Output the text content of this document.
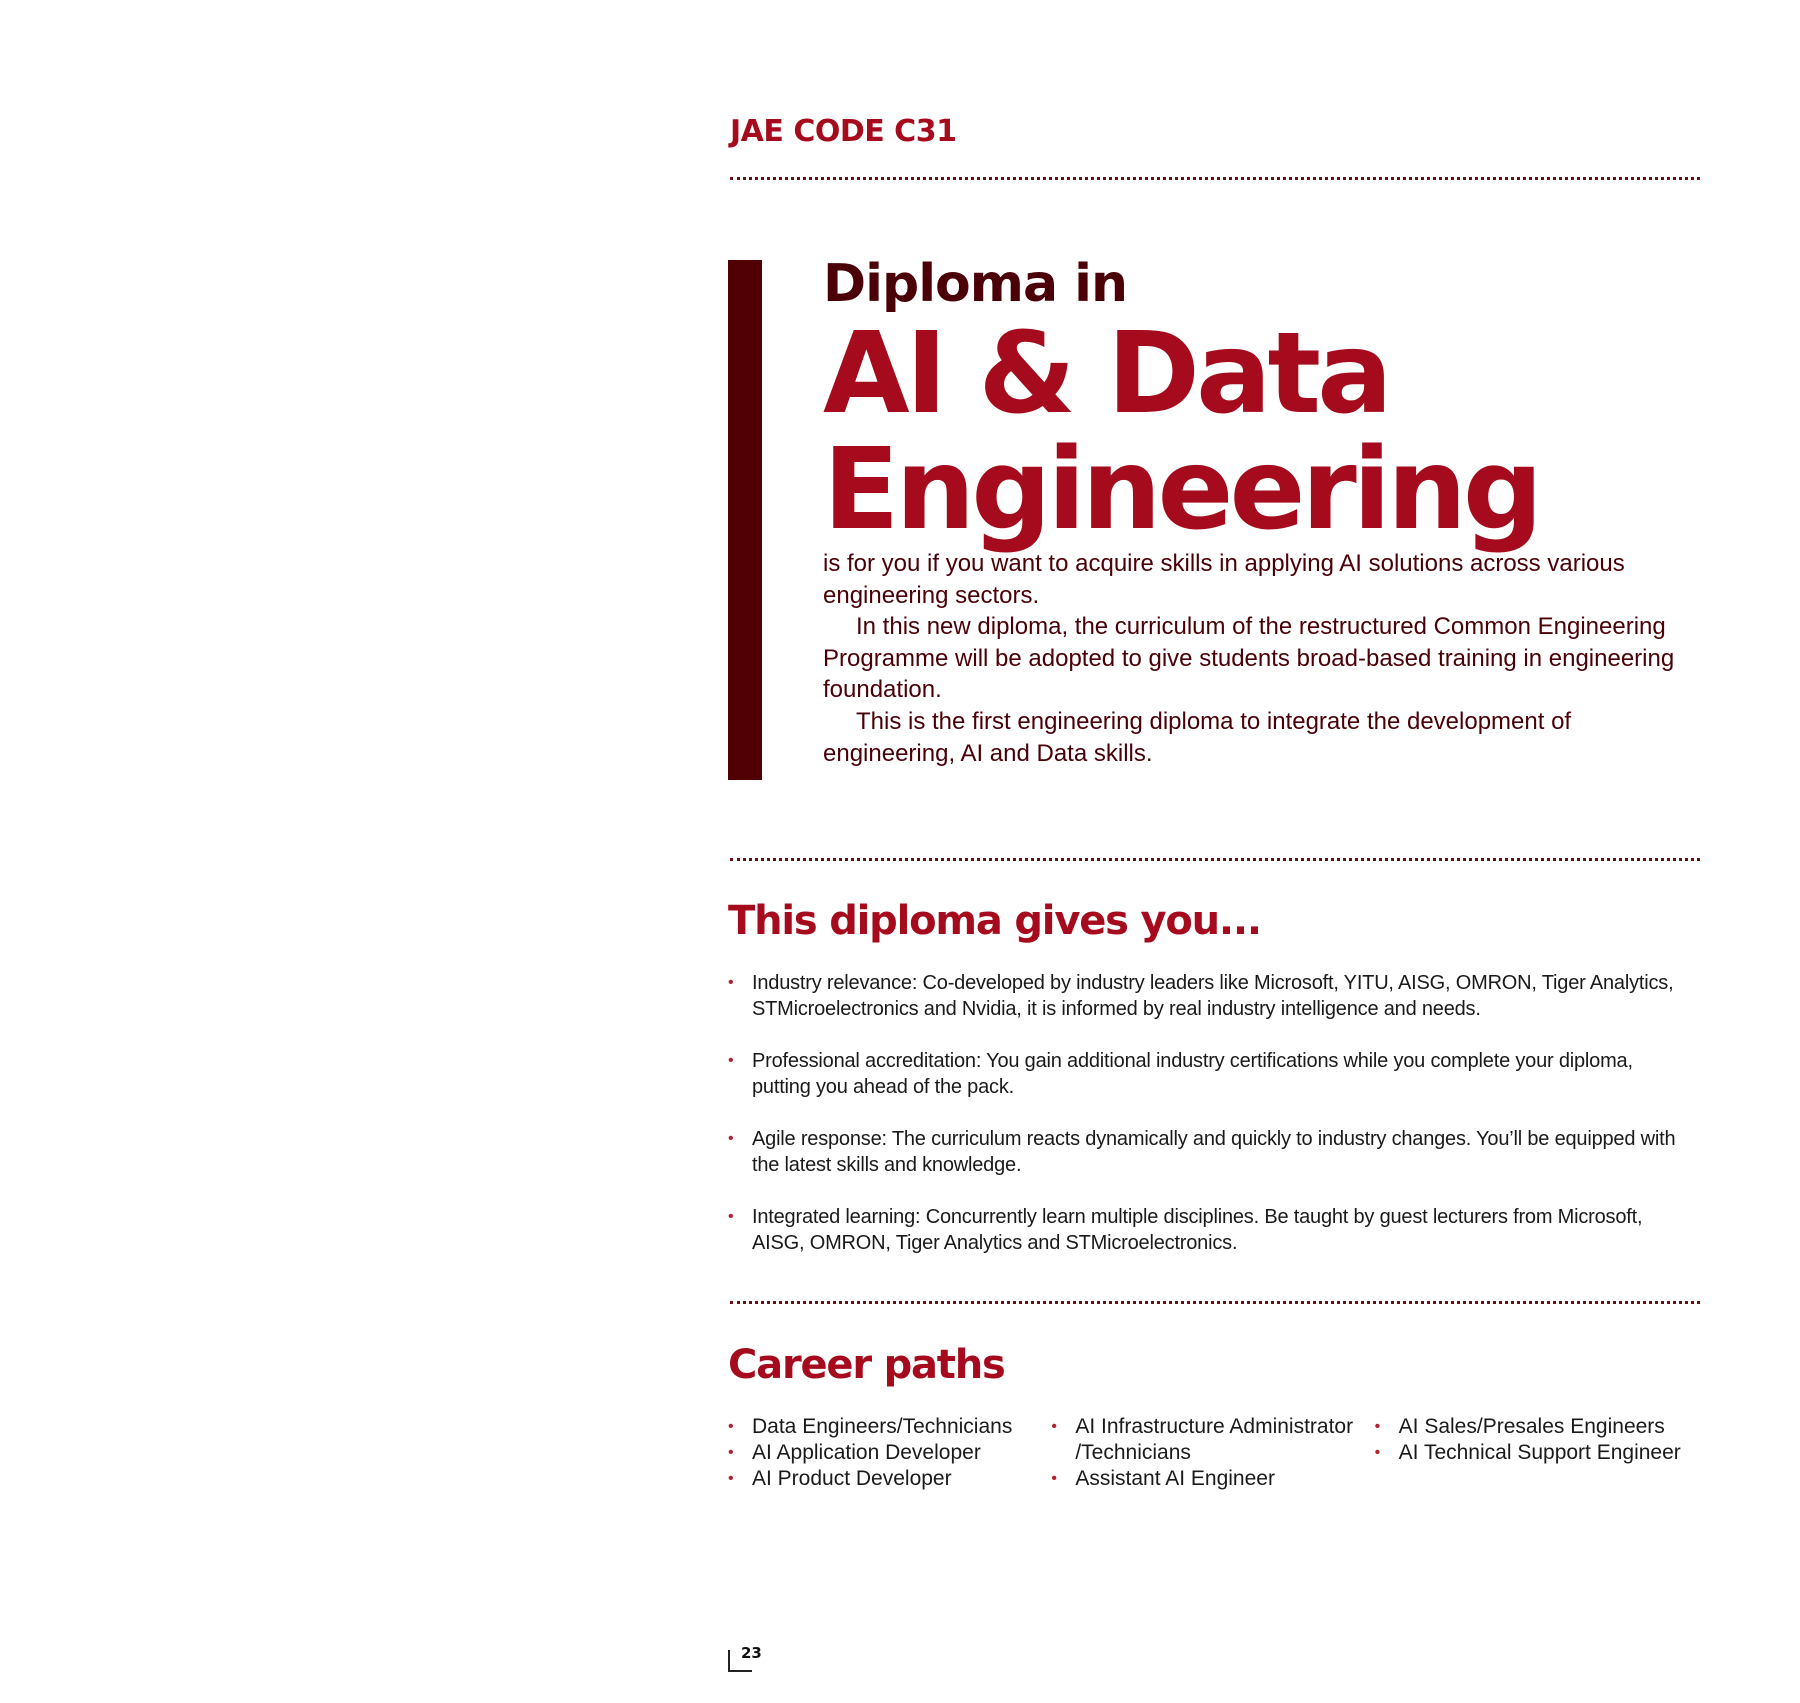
JAE CODE C31
Diploma in
AI & Data
Engineering

is for you if you want to acquire skills in applying AI solutions across various engineering sectors.

In this new diploma, the curriculum of the restructured Common Engineering Programme will be adopted to give students broad-based training in engineering foundation.

This is the first engineering diploma to integrate the development of engineering, AI and Data skills.

This diploma gives you...
• Industry relevance: Co-developed by industry leaders like Microsoft, YITU, AISG, OMRON, Tiger Analytics, STMicroelectronics and Nvidia, it is informed by real industry intelligence and needs.
• Professional accreditation: You gain additional industry certifications while you complete your diploma, putting you ahead of the pack.
• Agile response: The curriculum reacts dynamically and quickly to industry changes. You’ll be equipped with the latest skills and knowledge.
• Integrated learning: Concurrently learn multiple disciplines. Be taught by guest lecturers from Microsoft, AISG, OMRON, Tiger Analytics and STMicroelectronics.
Career paths
• Data Engineers/Technicians
• AI Application Developer
• AI Product Developer
• AI Infrastructure Administrator /Technicians
• Assistant AI Engineer
• AI Sales/Presales Engineers
• AI Technical Support Engineer
23
